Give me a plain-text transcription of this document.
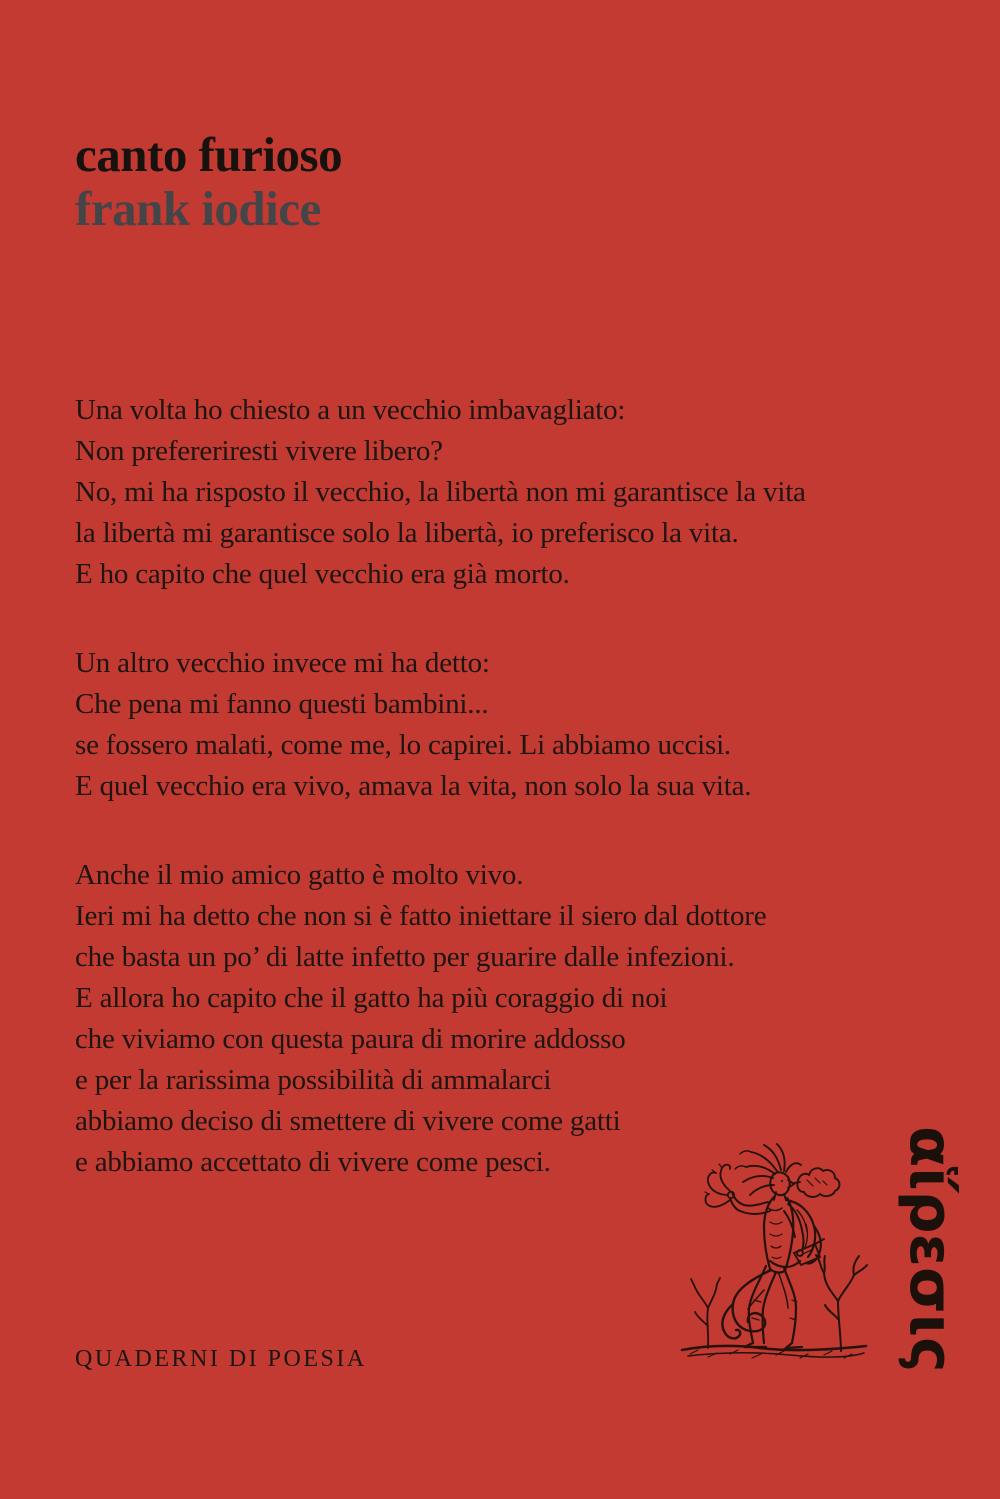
canto furioso
frank iodice
Una volta ho chiesto a un vecchio imbavagliato:
Non prefereriresti vivere libero?
No, mi ha risposto il vecchio, la libertà non mi garantisce la vita
la libertà mi garantisce solo la libertà, io preferisco la vita.
E ho capito che quel vecchio era già morto.
Un altro vecchio invece mi ha detto:
Che pena mi fanno questi bambini...
se fossero malati, come me, lo capirei. Li abbiamo uccisi.
E quel vecchio era vivo, amava la vita, non solo la sua vita.
Anche il mio amico gatto è molto vivo.
Ieri mi ha detto che non si è fatto iniettare il siero dal dottore
che basta un po’ di latte infetto per guarire dalle infezioni.
E allora ho capito che il gatto ha più coraggio di noi
che viviamo con questa paura di morire addosso
e per la rarissima possibilità di ammalarci
abbiamo deciso di smettere di vivere come gatti
e abbiamo accettato di vivere come pesci.
QUADERNI DI POESIA	αἵρεσις
